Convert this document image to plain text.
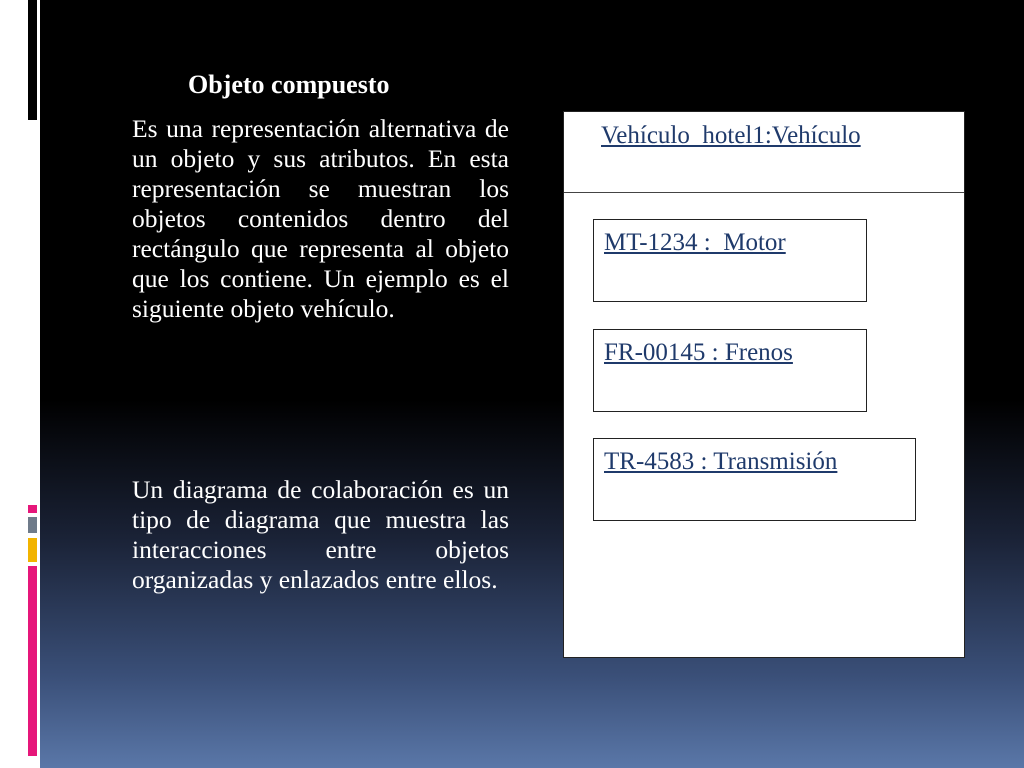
Objeto compuesto

Es una representación alternativa de un objeto y sus atributos. En esta representación se muestran los objetos contenidos dentro del rectángulo que representa al objeto que los contiene. Un ejemplo es el siguiente objeto vehículo.

Un diagrama de colaboración es un tipo de diagrama que muestra las interacciones entre objetos organizadas y enlazados entre ellos.

Vehículo_hotel1:Vehículo
MT-1234 :  Motor
FR-00145 : Frenos
TR-4583 : Transmisión
